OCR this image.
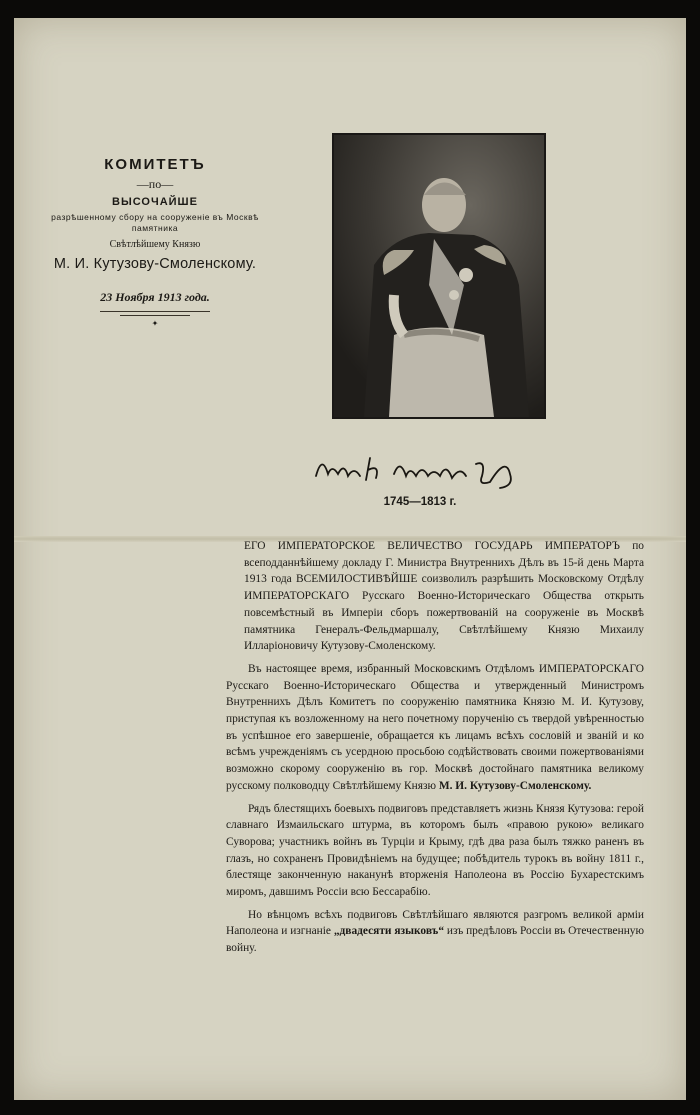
КОМИТЕТЪ
—по—
ВЫСОЧАЙШЕ
разрѣшенному сбору на сооруженіе въ Москвѣ памятника
Свѣтлѣйшему Князю
М. И. Кутузову-Смоленскому.
23 Ноября 1913 года.
✦
1745—1813 г.

ЕГО ИМПЕРАТОРСКОЕ ВЕЛИЧЕСТВО ГОСУДАРЬ ИМПЕРАТОРЪ по всеподданнѣйшему докладу Г. Министра Внутреннихъ Дѣлъ въ 15-й день Марта 1913 года ВСЕМИЛОСТИВѢЙШЕ соизволилъ разрѣшить Московскому Отдѣлу ИМПЕРАТОРСКАГО Русскаго Военно-Историческаго Общества открыть повсемѣстный въ Имперіи сборъ пожертвованій на сооруженіе въ Москвѣ памятника Генералъ-Фельдмаршалу, Свѣтлѣйшему Князю Михаилу Илларіоновичу Кутузову-Смоленскому.

Въ настоящее время, избранный Московскимъ Отдѣломъ ИМПЕРАТОРСКАГО Русскаго Военно-Историческаго Общества и утвержденный Министромъ Внутреннихъ Дѣлъ Комитетъ по сооруженію памятника Князю М. И. Кутузову, приступая къ возложенному на него почетному порученію съ твердой увѣренностью въ успѣшное его завершеніе, обращается къ лицамъ всѣхъ сословій и званій и ко всѣмъ учрежденіямъ съ усердною просьбою содѣйствовать своими пожертвованіями возможно скорому сооруженію въ гор. Москвѣ достойнаго памятника великому русскому полководцу Свѣтлѣйшему Князю М. И. Кутузову-Смоленскому.

Рядъ блестящихъ боевыхъ подвиговъ представляетъ жизнь Князя Кутузова: герой славнаго Измаильскаго штурма, въ которомъ былъ «правою рукою» великаго Суворова; участникъ войнъ въ Турціи и Крыму, гдѣ два раза былъ тяжко раненъ въ глазъ, но сохраненъ Провидѣніемъ на будущее; побѣдитель турокъ въ войну 1811 г., блестяще законченную наканунѣ вторженія Наполеона въ Россію Бухарестскимъ миромъ, давшимъ Россіи всю Бессарабію.

Но вѣнцомъ всѣхъ подвиговъ Свѣтлѣйшаго являются разгромъ великой арміи Наполеона и изгнаніе „двадесяти языковъ“ изъ предѣловъ Россіи въ Отечественную войну.
